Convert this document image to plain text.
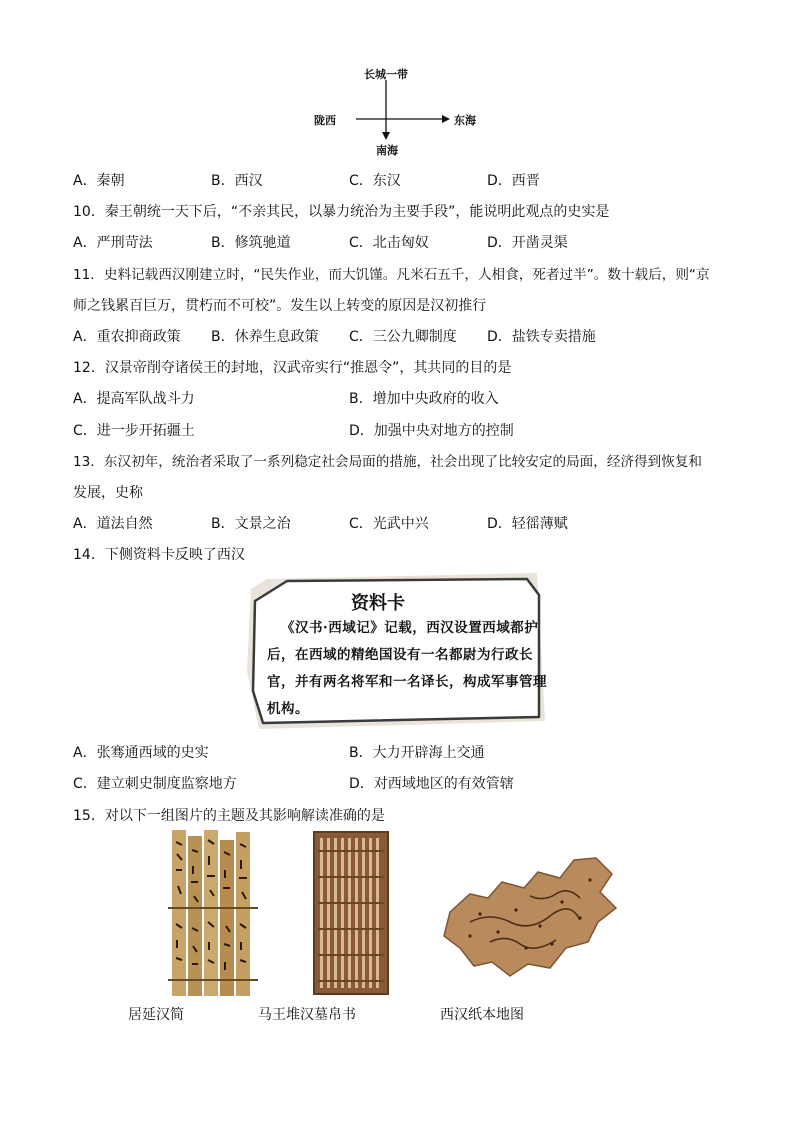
长城一带
陇西	东海
南海
A．秦朝	B．西汉	C．东汉	D．西晋
10．秦王朝统一天下后，“不亲其民，以暴力统治为主要手段”，能说明此观点的史实是
A．严刑苛法	B．修筑驰道	C．北击匈奴	D．开凿灵渠
11．史料记载西汉刚建立时，“民失作业，而大饥馑。凡米石五千，人相食，死者过半”。数十载后，则“京
师之钱累百巨万，贯朽而不可校”。发生以上转变的原因是汉初推行
A．重农抑商政策 B．休养生息政策 C．三公九卿制度 D．盐铁专卖措施
12．汉景帝削夺诸侯王的封地，汉武帝实行“推恩令”，其共同的目的是
A．提高军队战斗力	B．增加中央政府的收入
C．进一步开拓疆土	D．加强中央对地方的控制
13．东汉初年，统治者采取了一系列稳定社会局面的措施，社会出现了比较安定的局面，经济得到恢复和
发展，史称
A．道法自然	B．文景之治	C．光武中兴	D．轻徭薄赋
14．下侧资料卡反映了西汉
资料卡
《汉书·西域记》记载，西汉设置西域都护
后，在西域的精绝国设有一名都尉为行政长
官，并有两名将军和一名译长，构成军事管理
机构。
A．张骞通西域的史实	B．大力开辟海上交通
C．建立刺史制度监察地方	D．对西域地区的有效管辖
15．对以下一组图片的主题及其影响解读准确的是
居延汉简	马王堆汉墓帛书	西汉纸本地图
